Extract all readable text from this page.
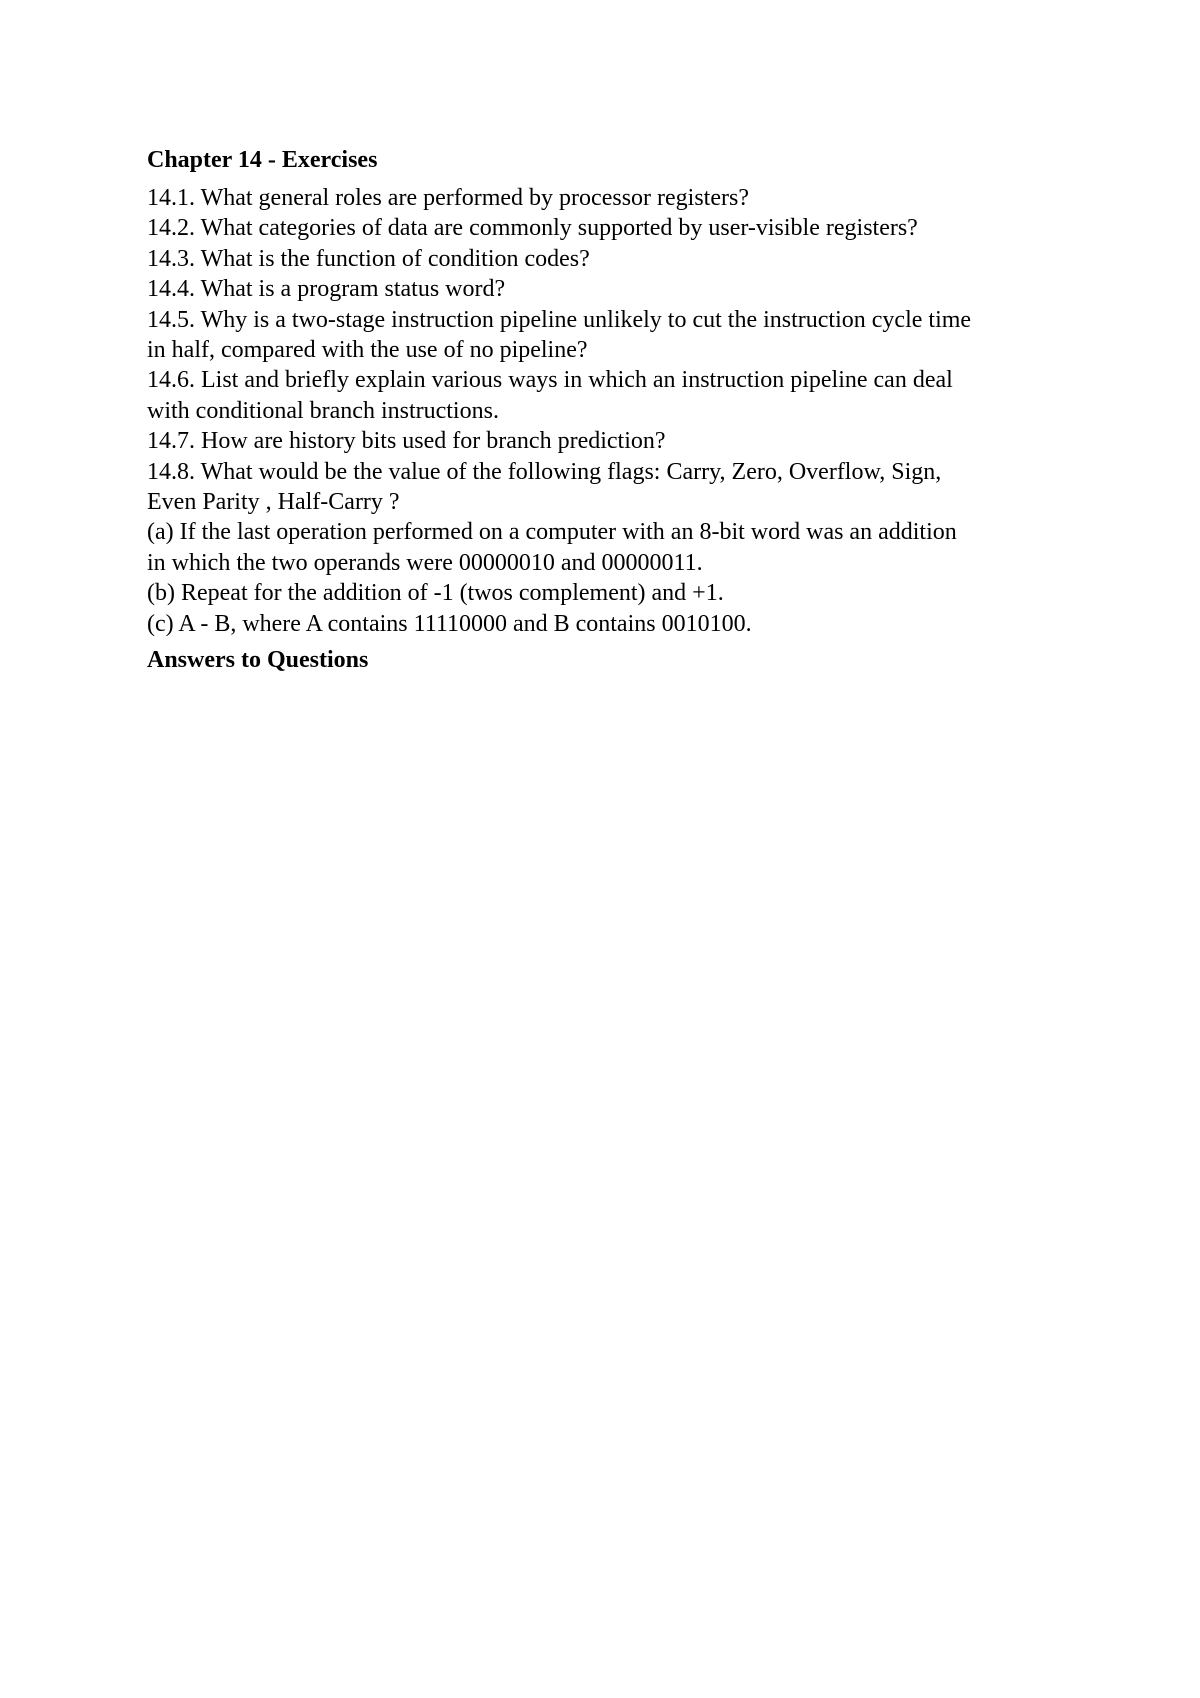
Chapter 14 - Exercises

14.1. What general roles are performed by processor registers?

14.2. What categories of data are commonly supported by user-visible registers?

14.3. What is the function of condition codes?

14.4. What is a program status word?

14.5. Why is a two-stage instruction pipeline unlikely to cut the instruction cycle time

in half, compared with the use of no pipeline?

14.6. List and briefly explain various ways in which an instruction pipeline can deal

with conditional branch instructions.

14.7. How are history bits used for branch prediction?

14.8. What would be the value of the following flags: Carry, Zero, Overflow, Sign,

Even Parity , Half-Carry ?

(a) If the last operation performed on a computer with an 8-bit word was an addition

in which the two operands were 00000010 and 00000011.

(b) Repeat for the addition of -1 (twos complement) and +1.

(c) A - B, where A contains 11110000 and B contains 0010100.

Answers to Questions
